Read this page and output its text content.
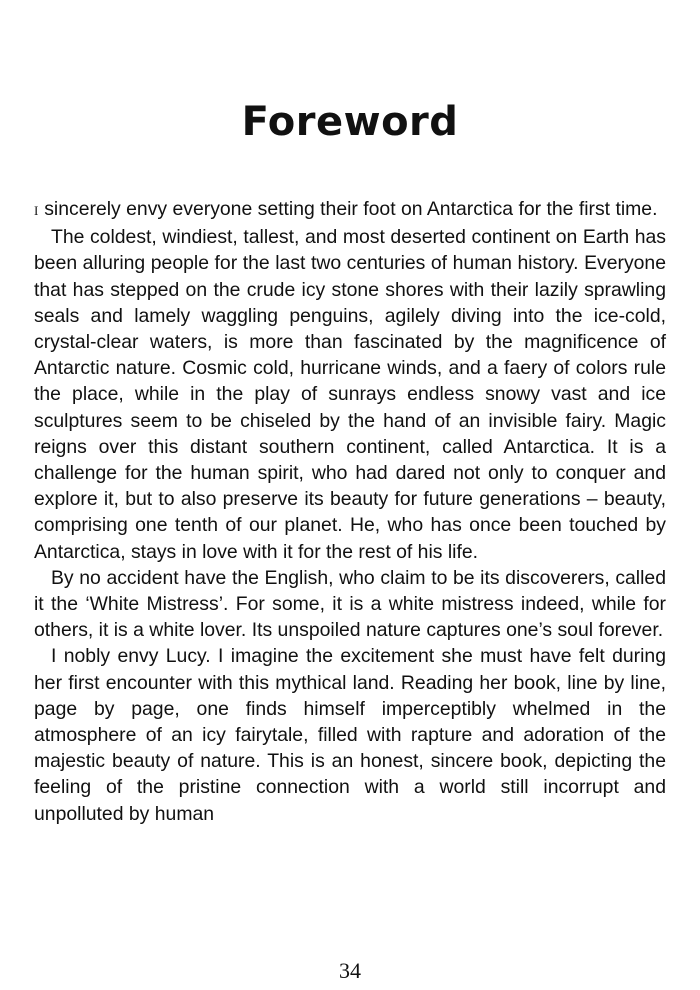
Foreword

I sincerely envy everyone setting their foot on Antarctica for the first time.

The coldest, windiest, tallest, and most deserted continent on Earth has been alluring people for the last two centuries of human history. Everyone that has stepped on the crude icy stone shores with their lazily sprawling seals and lamely waggling penguins, agilely diving into the ice-cold, crystal-clear waters, is more than fascinated by the magnificence of Antarctic nature. Cosmic cold, hurricane winds, and a faery of colors rule the place, while in the play of sunrays endless snowy vast and ice sculptures seem to be chiseled by the hand of an invisible fairy. Magic reigns over this distant southern continent, called Antarctica. It is a challenge for the human spirit, who had dared not only to conquer and explore it, but to also preserve its beauty for future generations – beauty, comprising one tenth of our planet. He, who has once been touched by Antarctica, stays in love with it for the rest of his life.

By no accident have the English, who claim to be its discoverers, called it the ‘White Mistress’. For some, it is a white mistress indeed, while for others, it is a white lover. Its unspoiled nature captures one’s soul forever.

I nobly envy Lucy. I imagine the excitement she must have felt during her first encounter with this mythical land. Reading her book, line by line, page by page, one finds himself imperceptibly whelmed in the atmosphere of an icy fairytale, filled with rapture and adoration of the majestic beauty of nature. This is an honest, sincere book, depicting the feeling of the pristine connection with a world still incorrupt and unpolluted by human

34
